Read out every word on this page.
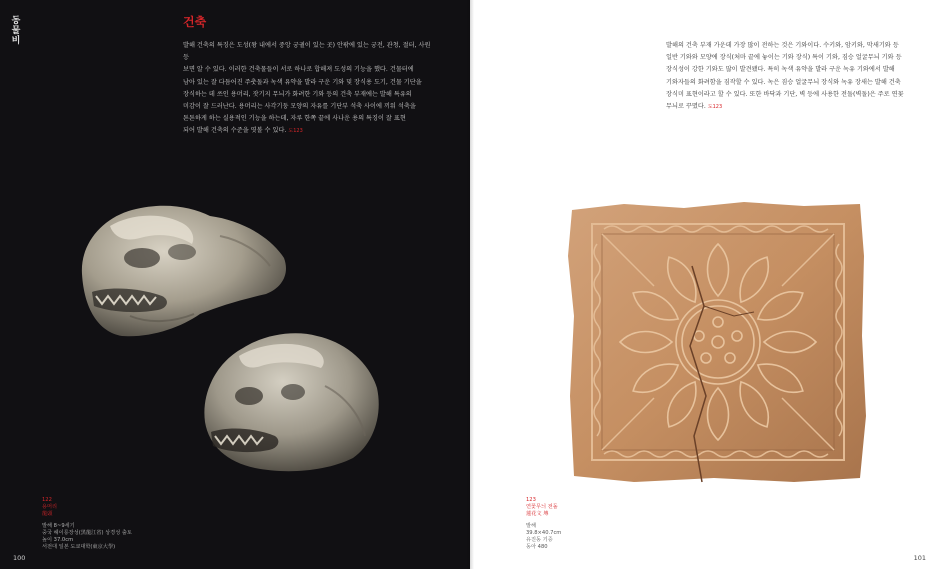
동
물
비
건축
발해 건축의 특징은 도성(왕 내에서 중앙 궁궐이 있는 곳) 안팎에 있는 궁전, 관청, 절터, 사원 등
보면 알 수 있다. 이러한 건축물들이 서로 하나로 합해져 도성의 기능을 했다. 건물터에
남아 있는 잘 다듬어진 주춧돌과 녹색 유약을 발라 구운 기와 및 장식용 도기, 건물 기단을
장식하는 데 쓰인 용머리, 잣기지 무늬가 화려한 기와 등의 건축 부재에는 발해 특유의
미감이 잘 드러난다. 용머리는 사각기둥 모양의 자유를 기단부 석축 사이에 끼워 석축을
튼튼하게 하는 실용적인 기능을 하는데, 자루 한쪽 끝에 사나운 용의 특징이 잘 표현
되어 발해 건축의 수준을 엿볼 수 있다. 도123
122
용머리
龍頭
발해 8~9세기
중국 헤이룽장성(黑龍江省) 상경성 출토
높이 37.0cm
서전대 일본 도쿄대학(東京大學)
100
발해의 건축 부재 가운데 가장 많이 전하는 것은 기와이다. 수키와, 암키와, 막새기와 등
일반 기와와 모양에 장식(처마 끝에 놓이는 기와 장식) 특이 기와, 짐승 얼굴무늬 기와 등
장식성이 강한 기와도 많이 발견됐다. 특히 녹색 유약을 발라 구운 녹유 기와에서 발해
기와자들의 화려함을 짐작할 수 있다. 녹은 짐승 얼굴무늬 장식와 녹유 장새는 발해 건축
장식미 표현이라고 할 수 있다. 또한 바닥과 기단, 벽 등에 사용한 전돌(벽돌)은 주로 연꽃
무늬로 꾸몄다. 도123
123
연꽃무늬 전돌
蓮花文 塼
발해
39.8×40.7cm
유진동 기증
동아 480
101
